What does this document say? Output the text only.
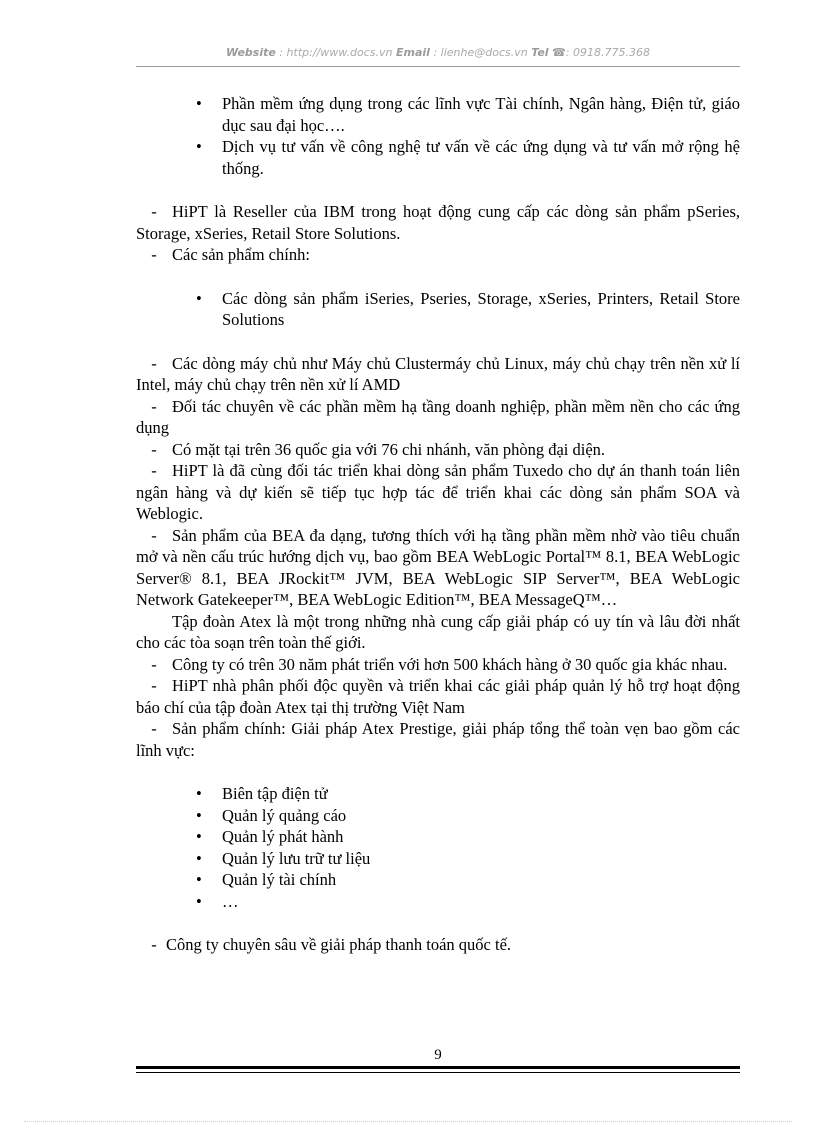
Website : http://www.docs.vn Email : lienhe@docs.vn Tel ☎: 0918.775.368
• Phần mềm ứng dụng trong các lĩnh vực Tài chính, Ngân hàng, Điện tử, giáo dục sau đại học….
• Dịch vụ tư vấn về công nghệ tư vấn về các ứng dụng và tư vấn mở rộng hệ thống.

- HiPT là Reseller của IBM trong hoạt động cung cấp các dòng sản phẩm pSeries, Storage, xSeries, Retail Store Solutions.

- Các sản phẩm chính:

• Các dòng sản phẩm iSeries, Pseries, Storage, xSeries, Printers, Retail Store Solutions

- Các dòng máy chủ như Máy chủ Clustermáy chủ Linux, máy chủ chạy trên nền xử lí Intel, máy chủ chạy trên nền xử lí AMD

- Đối tác chuyên về các phần mềm hạ tầng doanh nghiệp, phần mềm nền cho các ứng dụng

- Có mặt tại trên 36 quốc gia với 76 chi nhánh, văn phòng đại diện.

- HiPT là đã cùng đối tác triển khai dòng sản phẩm Tuxedo cho dự án thanh toán liên ngân hàng và dự kiến sẽ tiếp tục hợp tác để triển khai các dòng sản phẩm SOA và Weblogic.

- Sản phẩm của BEA đa dạng, tương thích với hạ tầng phần mềm nhờ vào tiêu chuẩn mở và nền cấu trúc hướng dịch vụ, bao gồm BEA WebLogic Portal™ 8.1, BEA WebLogic Server® 8.1, BEA JRockit™ JVM, BEA WebLogic SIP Server™, BEA WebLogic Network Gatekeeper™, BEA WebLogic Edition™, BEA MessageQ™…

Tập đoàn Atex là một trong những nhà cung cấp giải pháp có uy tín và lâu đời nhất cho các tòa soạn trên toàn thế giới.

- Công ty có trên 30 năm phát triển với hơn 500 khách hàng ở 30 quốc gia khác nhau.

- HiPT nhà phân phối độc quyền và triển khai các giải pháp quản lý hỗ trợ hoạt động báo chí của tập đoàn Atex tại thị trường Việt Nam

- Sản phẩm chính: Giải pháp Atex Prestige, giải pháp tổng thể toàn vẹn bao gồm các lĩnh vực:

• Biên tập điện tử
• Quản lý quảng cáo
• Quản lý phát hành
• Quản lý lưu trữ tư liệu
• Quản lý tài chính
• …

- Công ty chuyên sâu về giải pháp thanh toán quốc tế.

9
